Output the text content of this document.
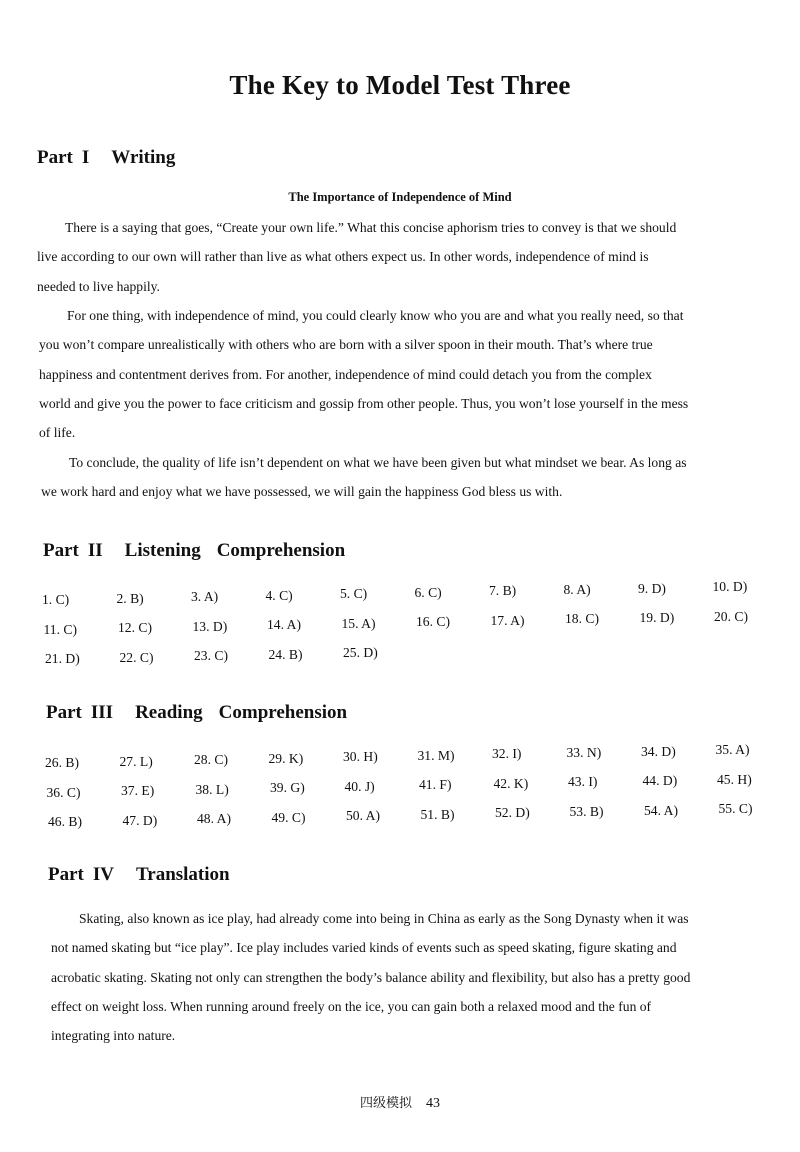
The Key to Model Test Three
Part I Writing
The Importance of Independence of Mind
There is a saying that goes, “Create your own life.” What this concise aphorism tries to convey is that we should
live according to our own will rather than live as what others expect us. In other words, independence of mind is
needed to live happily.
For one thing, with independence of mind, you could clearly know who you are and what you really need, so that
you won’t compare unrealistically with others who are born with a silver spoon in their mouth. That’s where true
happiness and contentment derives from. For another, independence of mind could detach you from the complex
world and give you the power to face criticism and gossip from other people. Thus, you won’t lose yourself in the mess
of life.
To conclude, the quality of life isn’t dependent on what we have been given but what mindset we bear. As long as
we work hard and enjoy what we have possessed, we will gain the happiness God bless us with.
Part II Listening Comprehension
1. C)	2. B)	3. A)	4. C)	5. C)	6. C)	7. B)	8. A)	9. D)	10. D)
11. C)	12. C)	13. D)	14. A)	15. A)	16. C)	17. A)	18. C)	19. D)	20. C)
21. D)	22. C)	23. C)	24. B)	25. D)
Part III Reading Comprehension
26. B)	27. L)	28. C)	29. K)	30. H)	31. M)	32. I)	33. N)	34. D)	35. A)
36. C)	37. E)	38. L)	39. G)	40. J)	41. F)	42. K)	43. I)	44. D)	45. H)
46. B)	47. D)	48. A)	49. C)	50. A)	51. B)	52. D)	53. B)	54. A)	55. C)
Part IV Translation
Skating, also known as ice play, had already come into being in China as early as the Song Dynasty when it was
not named skating but “ice play”. Ice play includes varied kinds of events such as speed skating, figure skating and
acrobatic skating. Skating not only can strengthen the body’s balance ability and flexibility, but also has a pretty good
effect on weight loss. When running around freely on the ice, you can gain both a relaxed mood and the fun of
integrating into nature.
四级模拟 43
